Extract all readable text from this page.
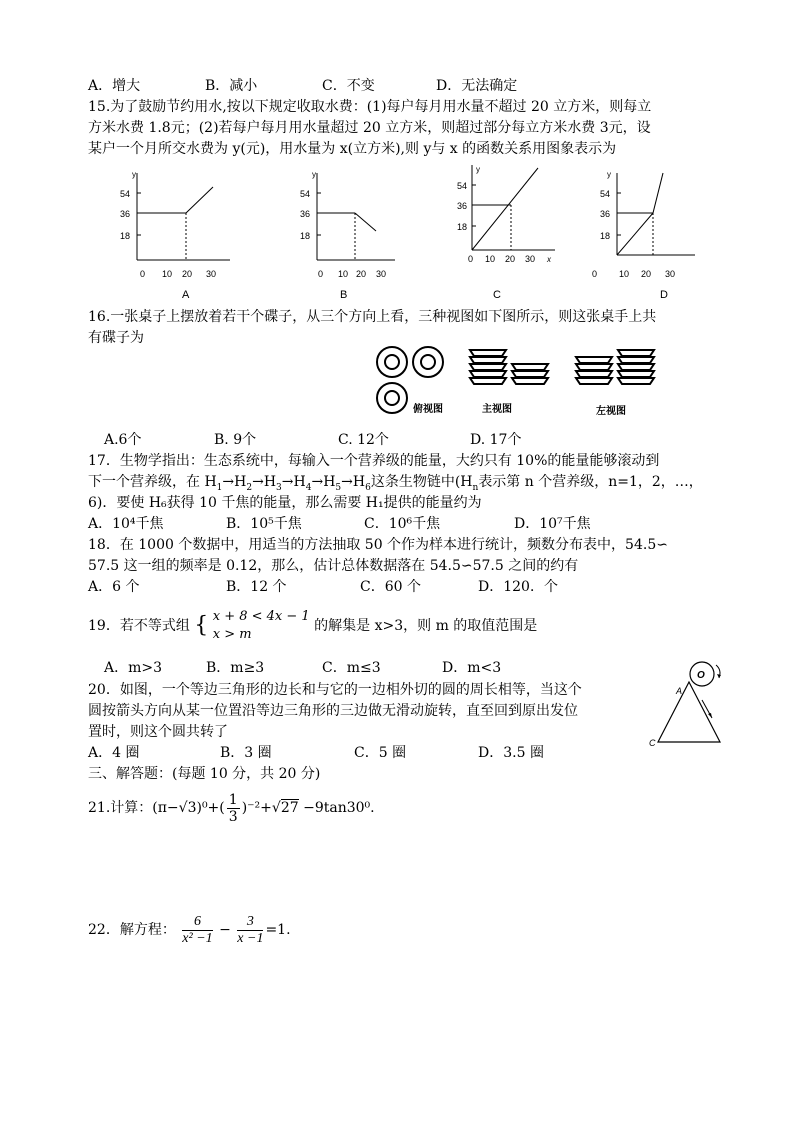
A．增大	B．减小	C．不变	D．无法确定
15.为了鼓励节约用水,按以下规定收取水费：(1)每户每月用水量不超过 20 立方米，则每立
方米水费 1.8元；(2)若每户每月用水量超过 20 立方米，则超过部分每立方米水费 3元，设
某户一个月所交水费为 y(元)，用水量为 x(立方米),则 y与 x 的函数关系用图象表示为
y
54
36
18
0 10 20 30
A
y
54
36
18
0 10 20 30
B
y
54
36
18
0 10 20 30 x
C
y
54
36
18
0 10 20 30
D
16.一张桌子上摆放着若干个碟子，从三个方向上看，三种视图如下图所示，则这张桌手上共
有碟子为
俯视图	主视图	左视图
A.6个	B. 9个	C. 12个	D. 17个
17．生物学指出：生态系统中，每输入一个营养级的能量，大约只有 10%的能量能够滚动到
下一个营养级，在 $H_1\to H_2\to H_3\to H_4\to H_5\to H_6$这条生物链中($H_n$表示第 n 个营养级，n=1，2，…，
6)．要使 H₆获得 10 千焦的能量，那么需要 H₁提供的能量约为
A．10⁴千焦	B．10⁵千焦	C．10⁶千焦	D．10⁷千焦
18．在 1000 个数据中，用适当的方法抽取 50 个作为样本进行统计，频数分布表中，54.5∽
57.5 这一组的频率是 0.12，那么，估计总体数据落在 54.5∽57.5 之间的约有
A．6 个	B．12 个	C．60 个	D．120．个
19．若不等式组 { x + 8 < 4x − 1
x > m
的解集是 x>3，则 m 的取值范围是
A．m>3	B．m≥3	C．m≤3	D．m<3
20．如图，一个等边三角形的边长和与它的一边相外切的圆的周长相等，当这个
圆按箭头方向从某一位置沿等边三角形的三边做无滑动旋转，直至回到原出发位
置时，则这个圆共转了
A．4 圈	B．3 圈	C．5 圈	D．3.5 圈
O
A
C
三、解答题：(每题 10 分，共 20 分)
21.计算：$(\pi-√3)^0+( \frac{1}{3} )^{-2}+√27 -9\tan 30^0$.
22．解方程： $\frac{6}{\text{x² −1}} - \frac{3}{x -1} =1$.
